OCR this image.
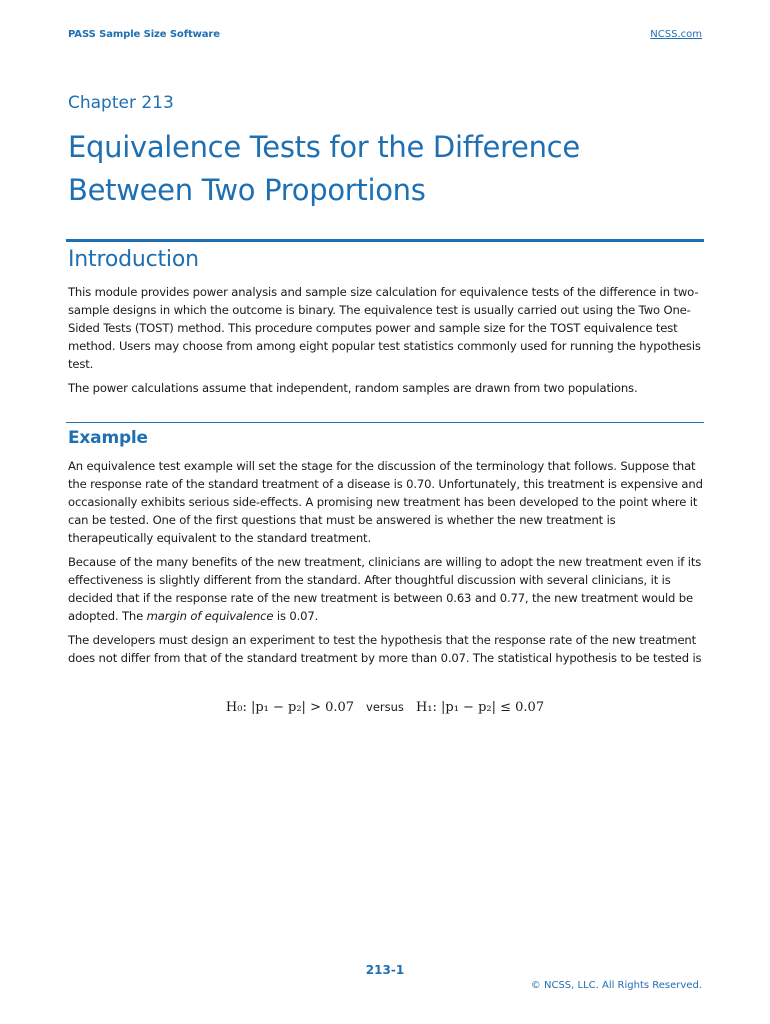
PASS Sample Size Software	NCSS.com
Chapter 213
Equivalence Tests for the Difference
Between Two Proportions
Introduction

This module provides power analysis and sample size calculation for equivalence tests of the difference in two-sample designs in which the outcome is binary. The equivalence test is usually carried out using the Two One-Sided Tests (TOST) method. This procedure computes power and sample size for the TOST equivalence test method. Users may choose from among eight popular test statistics commonly used for running the hypothesis test.

The power calculations assume that independent, random samples are drawn from two populations.

Example

An equivalence test example will set the stage for the discussion of the terminology that follows. Suppose that the response rate of the standard treatment of a disease is 0.70. Unfortunately, this treatment is expensive and occasionally exhibits serious side-effects. A promising new treatment has been developed to the point where it can be tested. One of the first questions that must be answered is whether the new treatment is therapeutically equivalent to the standard treatment.

Because of the many benefits of the new treatment, clinicians are willing to adopt the new treatment even if its effectiveness is slightly different from the standard. After thoughtful discussion with several clinicians, it is decided that if the response rate of the new treatment is between 0.63 and 0.77, the new treatment would be adopted. The margin of equivalence is 0.07.

The developers must design an experiment to test the hypothesis that the response rate of the new treatment does not differ from that of the standard treatment by more than 0.07. The statistical hypothesis to be tested is

H₀: |p₁ − p₂| > 0.07 versus H₁: |p₁ − p₂| ≤ 0.07
213-1
© NCSS, LLC. All Rights Reserved.
